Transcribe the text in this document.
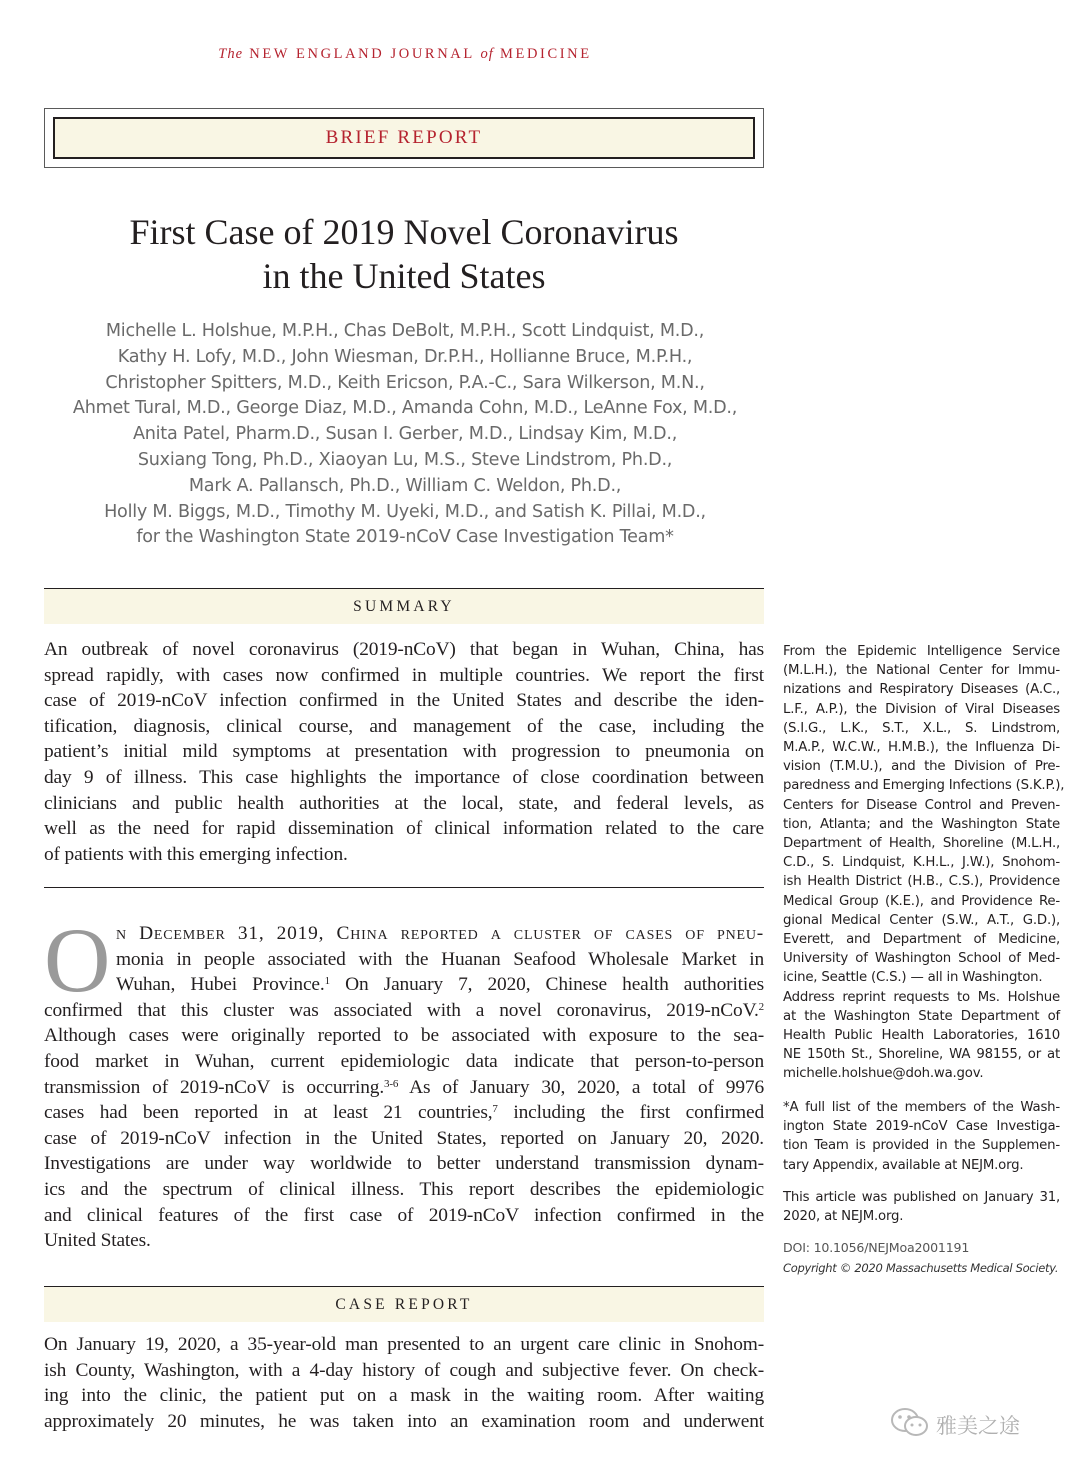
The NEW ENGLAND JOURNAL of MEDICINE
BRIEF REPORT
First Case of 2019 Novel Coronavirus
in the United States
Michelle L. Holshue, M.P.H., Chas DeBolt, M.P.H., Scott Lindquist, M.D.,
Kathy H. Lofy, M.D., John Wiesman, Dr.P.H., Hollianne Bruce, M.P.H.,
Christopher Spitters, M.D., Keith Ericson, P.A.-C., Sara Wilkerson, M.N.,
Ahmet Tural, M.D., George Diaz, M.D., Amanda Cohn, M.D., LeAnne Fox, M.D.,
Anita Patel, Pharm.D., Susan I. Gerber, M.D., Lindsay Kim, M.D.,
Suxiang Tong, Ph.D., Xiaoyan Lu, M.S., Steve Lindstrom, Ph.D.,
Mark A. Pallansch, Ph.D., William C. Weldon, Ph.D.,
Holly M. Biggs, M.D., Timothy M. Uyeki, M.D., and Satish K. Pillai, M.D.,
for the Washington State 2019-nCoV Case Investigation Team*
SUMMARY
An outbreak of novel coronavirus (2019-nCoV) that began in Wuhan, China, has
spread rapidly, with cases now confirmed in multiple countries. We report the first
case of 2019-nCoV infection confirmed in the United States and describe the iden-
tification, diagnosis, clinical course, and management of the case, including the
patient’s initial mild symptoms at presentation with progression to pneumonia on
day 9 of illness. This case highlights the importance of close coordination between
clinicians and public health authorities at the local, state, and federal levels, as
well as the need for rapid dissemination of clinical information related to the care
of patients with this emerging infection.
O n December 31, 2019, China reported a cluster of cases of pneu-
monia in people associated with the Huanan Seafood Wholesale Market in
Wuhan, Hubei Province.$^1$ On January 7, 2020, Chinese health authorities
confirmed that this cluster was associated with a novel coronavirus, 2019-nCoV.$^2$
Although cases were originally reported to be associated with exposure to the sea-
food market in Wuhan, current epidemiologic data indicate that person-to-person
transmission of 2019-nCoV is occurring.$^{3-6}$ As of January 30, 2020, a total of 9976
cases had been reported in at least 21 countries,$^7$ including the first confirmed
case of 2019-nCoV infection in the United States, reported on January 20, 2020.
Investigations are under way worldwide to better understand transmission dynam-
ics and the spectrum of clinical illness. This report describes the epidemiologic
and clinical features of the first case of 2019-nCoV infection confirmed in the
United States.
CASE REPORT
On January 19, 2020, a 35-year-old man presented to an urgent care clinic in Snohom-
ish County, Washington, with a 4-day history of cough and subjective fever. On check-
ing into the clinic, the patient put on a mask in the waiting room. After waiting
approximately 20 minutes, he was taken into an examination room and underwent
From the Epidemic Intelligence Service
(M.L.H.), the National Center for Immu-
nizations and Respiratory Diseases (A.C.,
L.F., A.P.), the Division of Viral Diseases
(S.I.G., L.K., S.T., X.L., S. Lindstrom,
M.A.P., W.C.W., H.M.B.), the Influenza Di-
vision (T.M.U.), and the Division of Pre-
paredness and Emerging Infections (S.K.P.),
Centers for Disease Control and Preven-
tion, Atlanta; and the Washington State
Department of Health, Shoreline (M.L.H.,
C.D., S. Lindquist, K.H.L., J.W.), Snohom-
ish Health District (H.B., C.S.), Providence
Medical Group (K.E.), and Providence Re-
gional Medical Center (S.W., A.T., G.D.),
Everett, and Department of Medicine,
University of Washington School of Med-
icine, Seattle (C.S.) — all in Washington.
Address reprint requests to Ms. Holshue
at the Washington State Department of
Health Public Health Laboratories, 1610
NE 150th St., Shoreline, WA 98155, or at
michelle.holshue@doh.wa.gov.
*A full list of the members of the Wash-
ington State 2019-nCoV Case Investiga-
tion Team is provided in the Supplemen-
tary Appendix, available at NEJM.org.
This article was published on January 31,
2020, at NEJM.org.
DOI: 10.1056/NEJMoa2001191
Copyright © 2020 Massachusetts Medical Society.
雅美之途
